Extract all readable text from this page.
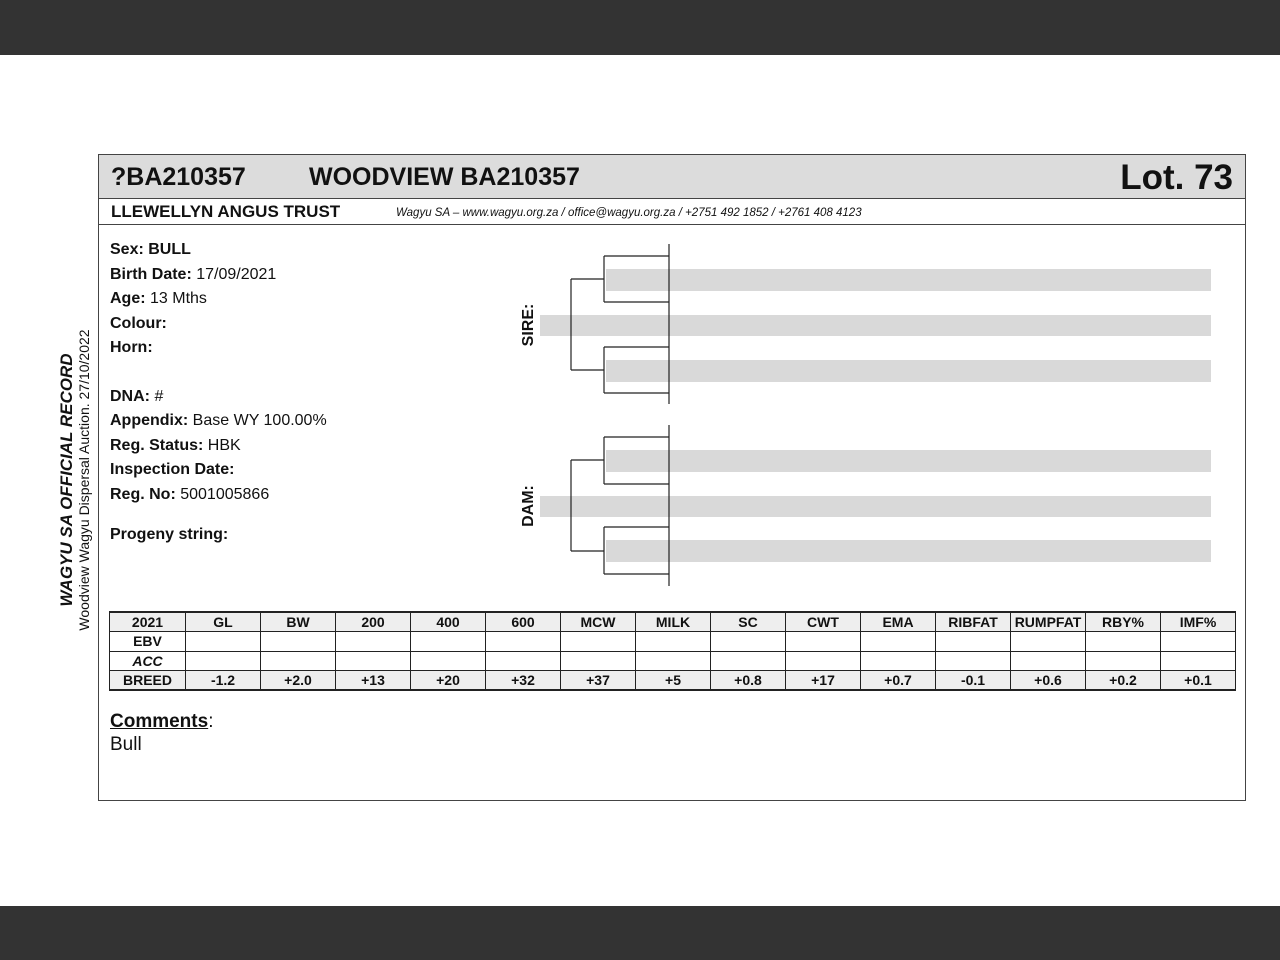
WAGYU SA OFFICIAL RECORD Woodview Wagyu Dispersal Auction. 27/10/2022
?BA210357	WOODVIEW BA210357	Lot. 73
LLEWELLYN ANGUS TRUST	Wagyu SA – www.wagyu.org.za / office@wagyu.org.za / +2751 492 1852 / +2761 408 4123
Sex: BULL
Birth Date: 17/09/2021
Age: 13 Mths
Colour:
Horn:
DNA: #
Appendix: Base WY 100.00%
Reg. Status: HBK
Inspection Date:
Reg. No: 5001005866
Progeny string:
SIRE:
DAM:
2021	GL	BW	200	400	600	MCW	MILK	SC	CWT	EMA	RIBFAT	RUMPFAT	RBY%	IMF%
EBV														
ACC														
BREED	-1.2	+2.0	+13	+20	+32	+37	+5	+0.8	+17	+0.7	-0.1	+0.6	+0.2	+0.1
Comments:
Bull
